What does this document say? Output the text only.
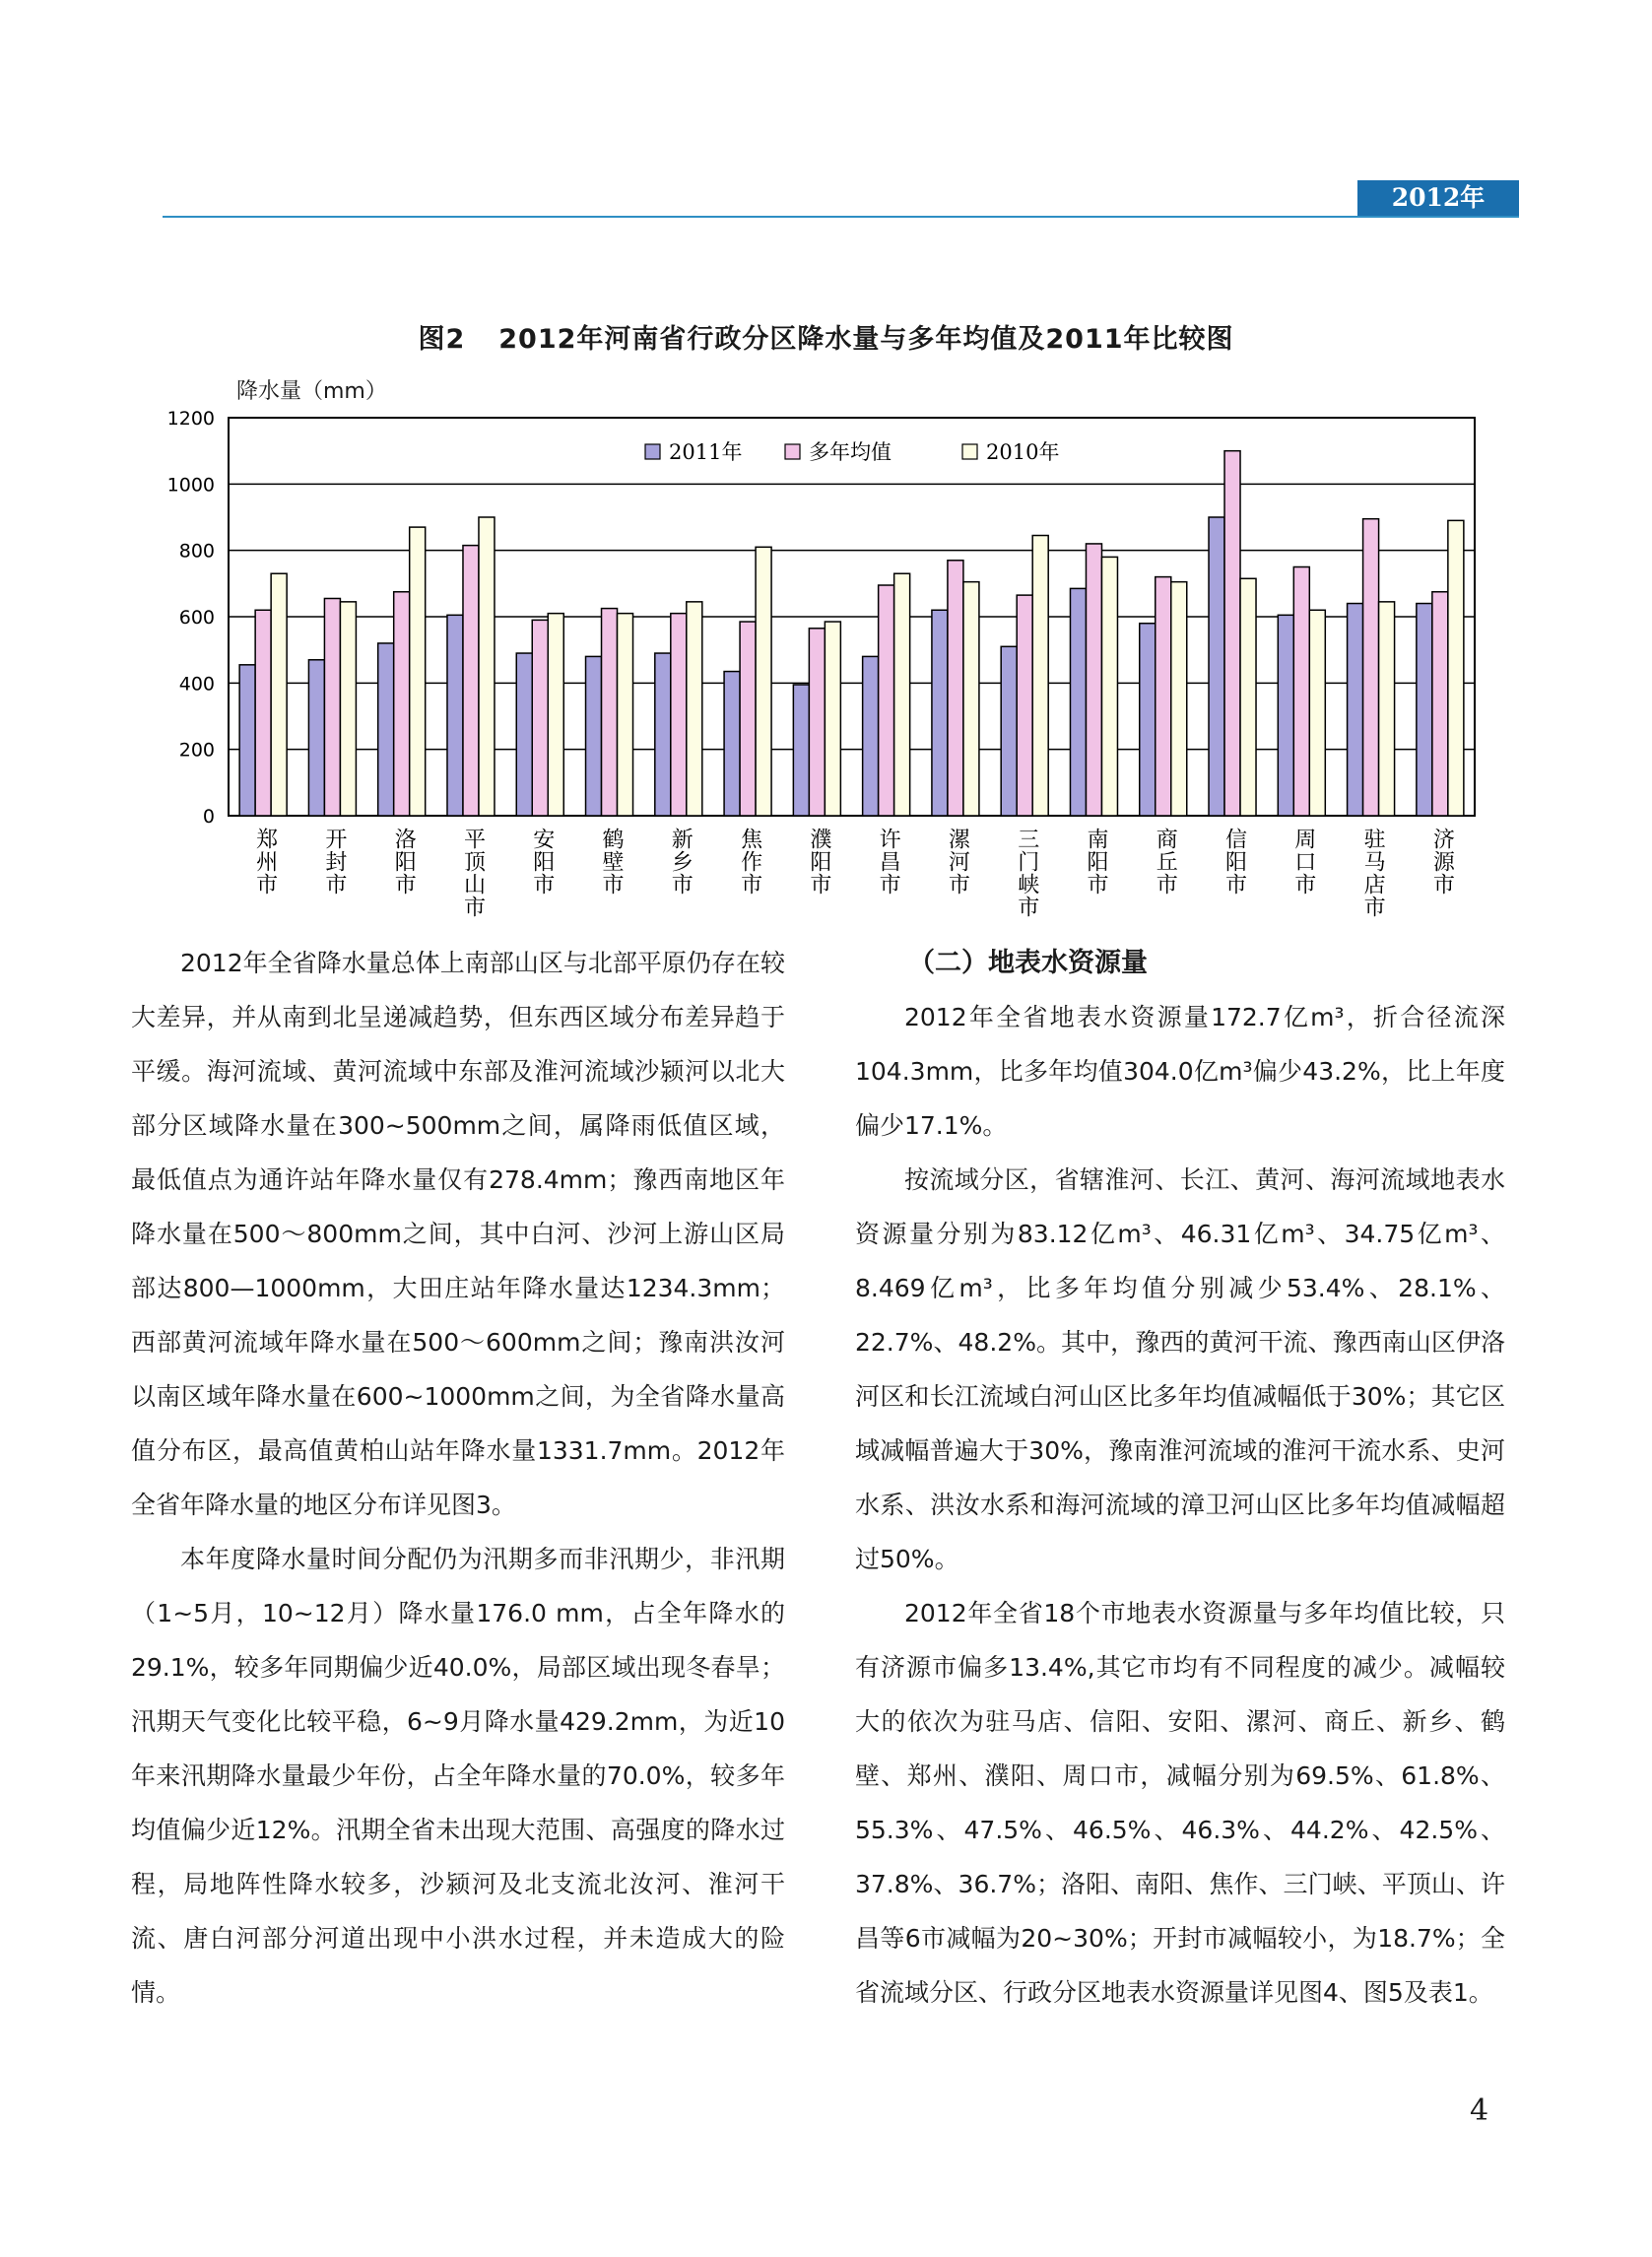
2012年
图2 2012年河南省行政分区降水量与多年均值及2011年比较图
降水量（mm）
0
200
400
600
800
1000
1200
郑州市 开封市 洛阳市 平顶山市 安阳市 鹤壁市 新乡市 焦作市 濮阳市 许昌市 漯河市 三门峡市 南阳市 商丘市 信阳市 周口市 驻马店市 济源市
2011年	多年均值	2010年

2012年全省降水量总体上南部山区与北部平原仍存在较大差异，并从南到北呈递减趋势，但东西区域分布差异趋于平缓。海河流域、黄河流域中东部及淮河流域沙颍河以北大部分区域降水量在300~500mm之间，属降雨低值区域，最低值点为通许站年降水量仅有278.4mm；豫西南地区年降水量在500～800mm之间，其中白河、沙河上游山区局部达800—1000mm，大田庄站年降水量达1234.3mm；西部黄河流域年降水量在500～600mm之间；豫南洪汝河以南区域年降水量在600~1000mm之间，为全省降水量高值分布区，最高值黄柏山站年降水量1331.7mm。2012年全省年降水量的地区分布详见图3。

本年度降水量时间分配仍为汛期多而非汛期少，非汛期（1~5月，10~12月）降水量176.0 mm，占全年降水的29.1%，较多年同期偏少近40.0%，局部区域出现冬春旱；汛期天气变化比较平稳，6~9月降水量429.2mm，为近10年来汛期降水量最少年份，占全年降水量的70.0%，较多年均值偏少近12%。汛期全省未出现大范围、高强度的降水过程，局地阵性降水较多，沙颍河及北支流北汝河、淮河干流、唐白河部分河道出现中小洪水过程，并未造成大的险情。

（二）地表水资源量

2012年全省地表水资源量172.7亿m³，折合径流深104.3mm，比多年均值304.0亿m³偏少43.2%，比上年度偏少17.1%。

按流域分区，省辖淮河、长江、黄河、海河流域地表水资源量分别为83.12亿m³、46.31亿m³、34.75亿m³、8.469亿m³，比多年均值分别减少53.4%、28.1%、22.7%、48.2%。其中，豫西的黄河干流、豫西南山区伊洛河区和长江流域白河山区比多年均值减幅低于30%；其它区域减幅普遍大于30%，豫南淮河流域的淮河干流水系、史河水系、洪汝水系和海河流域的漳卫河山区比多年均值减幅超过50%。

2012年全省18个市地表水资源量与多年均值比较，只有济源市偏多13.4%,其它市均有不同程度的减少。减幅较大的依次为驻马店、信阳、安阳、漯河、商丘、新乡、鹤壁、郑州、濮阳、周口市，减幅分别为69.5%、61.8%、55.3%、47.5%、46.5%、46.3%、44.2%、42.5%、37.8%、36.7%；洛阳、南阳、焦作、三门峡、平顶山、许昌等6市减幅为20~30%；开封市减幅较小，为18.7%；全省流域分区、行政分区地表水资源量详见图4、图5及表1。

4
